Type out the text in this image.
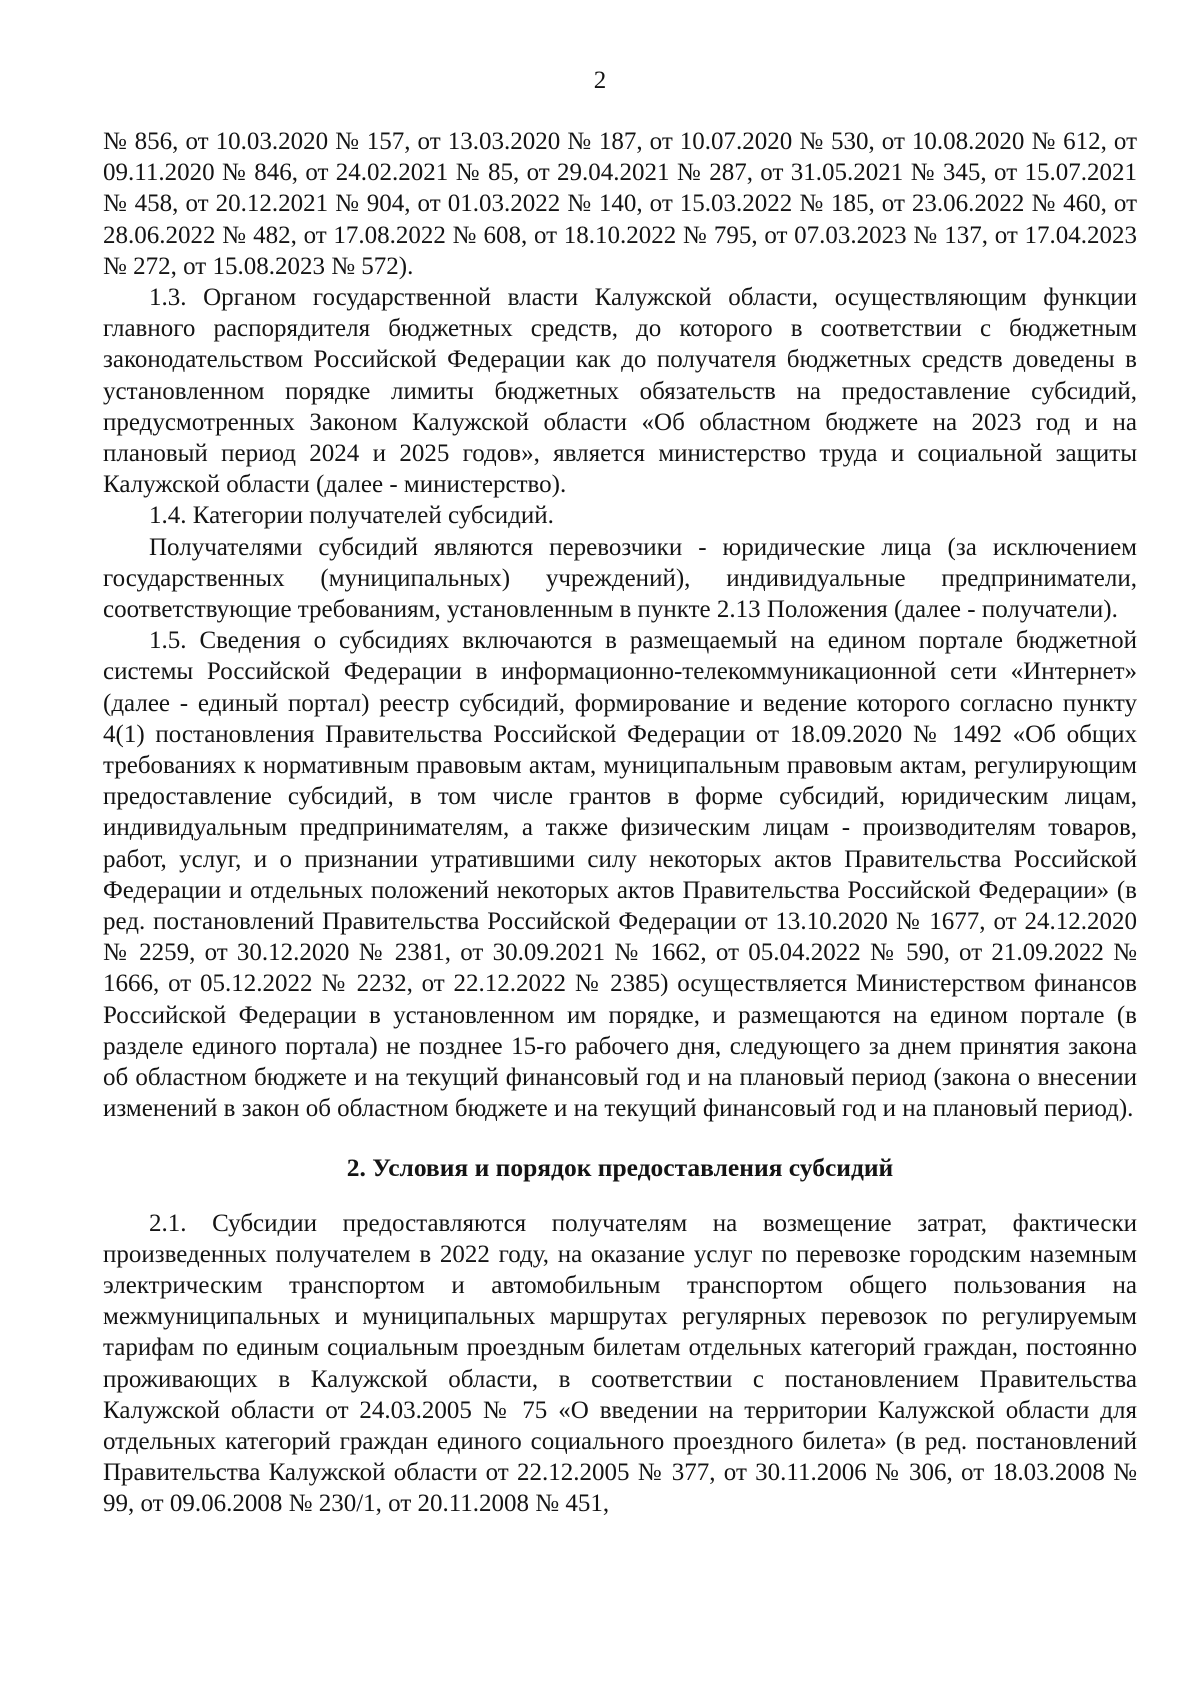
2

№ 856, от 10.03.2020 № 157, от 13.03.2020 № 187, от 10.07.2020 № 530, от 10.08.2020 № 612, от 09.11.2020 № 846, от 24.02.2021 № 85, от 29.04.2021 № 287, от 31.05.2021 № 345, от 15.07.2021 № 458, от 20.12.2021 № 904, от 01.03.2022 № 140, от 15.03.2022 № 185, от 23.06.2022 № 460, от 28.06.2022 № 482, от 17.08.2022 № 608, от 18.10.2022 № 795, от 07.03.2023 № 137, от 17.04.2023 № 272, от 15.08.2023 № 572).

1.3. Органом государственной власти Калужской области, осуществляющим функции главного распорядителя бюджетных средств, до которого в соответствии с бюджетным законодательством Российской Федерации как до получателя бюджетных средств доведены в установленном порядке лимиты бюджетных обязательств на предоставление субсидий, предусмотренных Законом Калужской области «Об областном бюджете на 2023 год и на плановый период 2024 и 2025 годов», является министерство труда и социальной защиты Калужской области (далее - министерство).

1.4. Категории получателей субсидий.

Получателями субсидий являются перевозчики - юридические лица (за исключением государственных (муниципальных) учреждений), индивидуальные предприниматели, соответствующие требованиям, установленным в пункте 2.13 Положения (далее - получатели).

1.5. Сведения о субсидиях включаются в размещаемый на едином портале бюджетной системы Российской Федерации в информационно-телекоммуникационной сети «Интернет» (далее - единый портал) реестр субсидий, формирование и ведение которого согласно пункту 4(1) постановления Правительства Российской Федерации от 18.09.2020 № 1492 «Об общих требованиях к нормативным правовым актам, муниципальным правовым актам, регулирующим предоставление субсидий, в том числе грантов в форме субсидий, юридическим лицам, индивидуальным предпринимателям, а также физическим лицам - производителям товаров, работ, услуг, и о признании утратившими силу некоторых актов Правительства Российской Федерации и отдельных положений некоторых актов Правительства Российской Федерации» (в ред. постановлений Правительства Российской Федерации от 13.10.2020 № 1677, от 24.12.2020 № 2259, от 30.12.2020 № 2381, от 30.09.2021 № 1662, от 05.04.2022 № 590, от 21.09.2022 № 1666, от 05.12.2022 № 2232, от 22.12.2022 № 2385) осуществляется Министерством финансов Российской Федерации в установленном им порядке, и размещаются на едином портале (в разделе единого портала) не позднее 15-го рабочего дня, следующего за днем принятия закона об областном бюджете и на текущий финансовый год и на плановый период (закона о внесении изменений в закон об областном бюджете и на текущий финансовый год и на плановый период).

2. Условия и порядок предоставления субсидий

2.1. Субсидии предоставляются получателям на возмещение затрат, фактически произведенных получателем в 2022 году, на оказание услуг по перевозке городским наземным электрическим транспортом и автомобильным транспортом общего пользования на межмуниципальных и муниципальных маршрутах регулярных перевозок по регулируемым тарифам по единым социальным проездным билетам отдельных категорий граждан, постоянно проживающих в Калужской области, в соответствии с постановлением Правительства Калужской области от 24.03.2005 № 75 «О введении на территории Калужской области для отдельных категорий граждан единого социального проездного билета» (в ред. постановлений Правительства Калужской области от 22.12.2005 № 377, от 30.11.2006 № 306, от 18.03.2008 № 99, от 09.06.2008 № 230/1, от 20.11.2008 № 451,
